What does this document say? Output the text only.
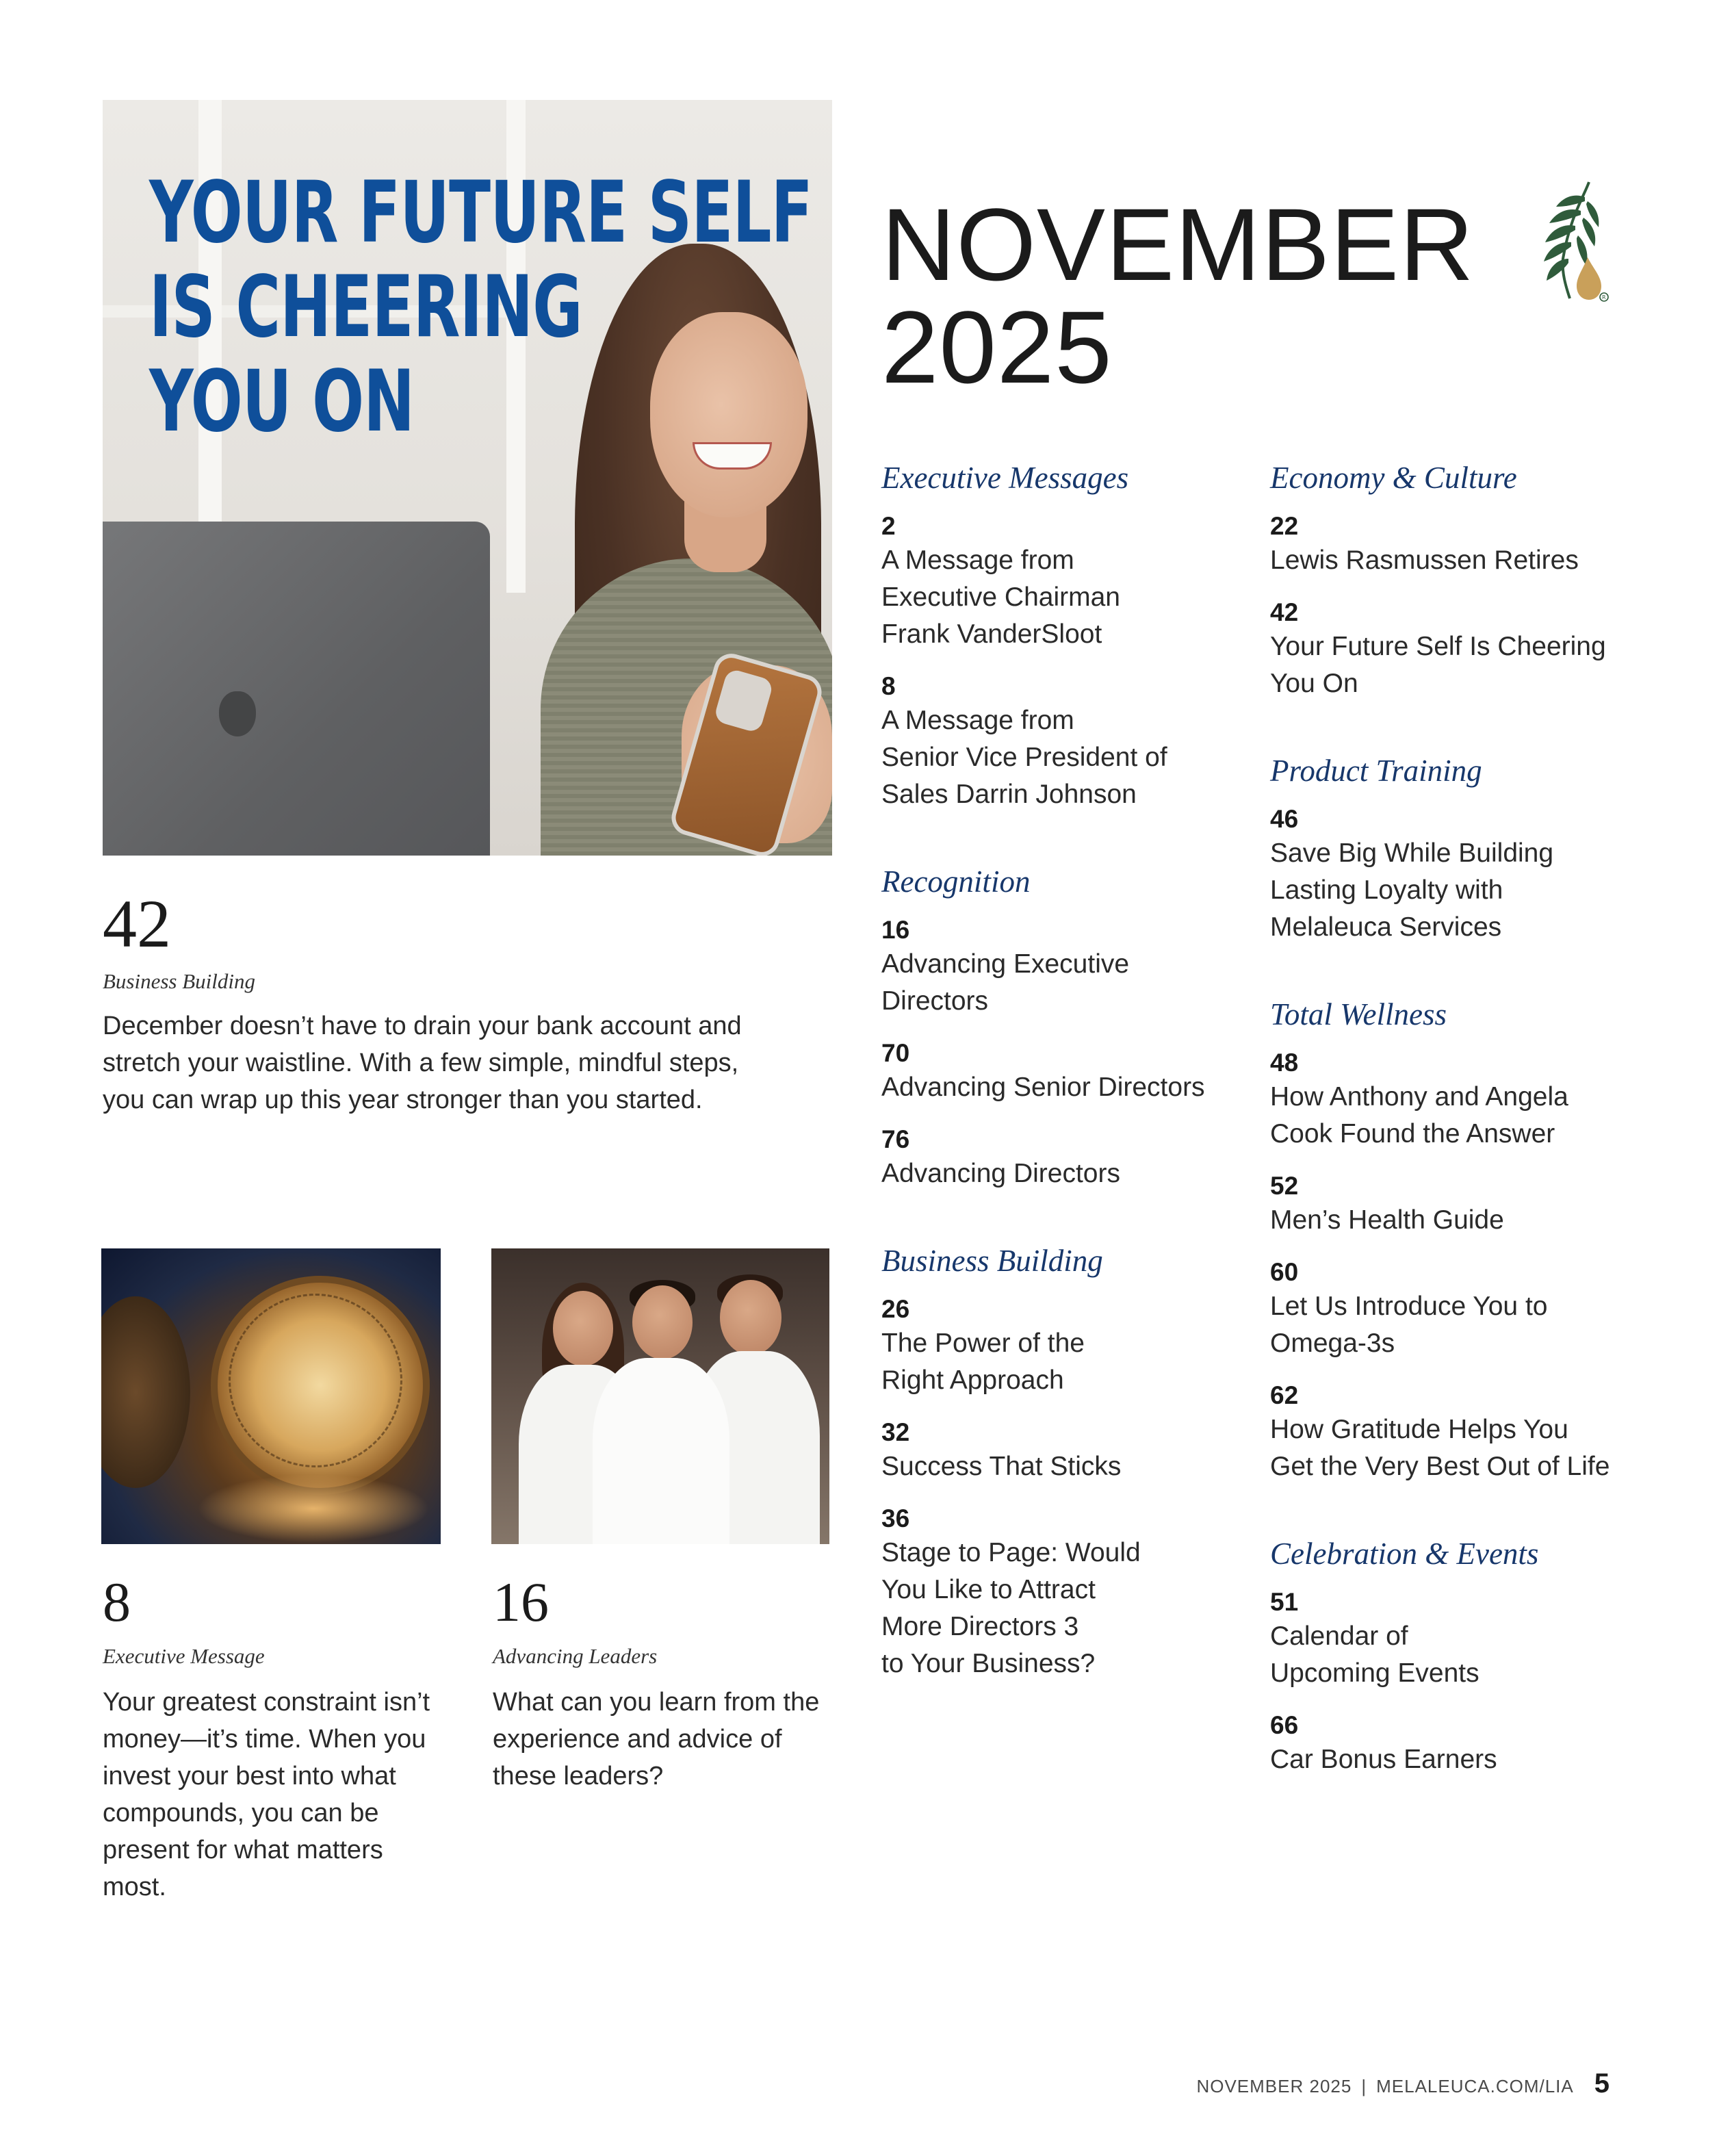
YOUR FUTURE SELF
IS CHEERING
YOU ON

42

Business Building

December doesn’t have to drain your bank account and stretch your waistline. With a few simple, mindful steps, you can wrap up this year stronger than you started.

8

Executive Message

Your greatest constraint isn’t money—it’s time. When you invest your best into what compounds, you can be present for what matters most.

16

Advancing Leaders

What can you learn from the experience and advice of these leaders?

NOVEMBER
2025	R

Executive Messages

2
A Message from
Executive Chairman
Frank VanderSloot
8
A Message from
Senior Vice President of
Sales Darrin Johnson

Recognition

16
Advancing Executive
Directors
70
Advancing Senior Directors
76
Advancing Directors

Business Building

26
The Power of the
Right Approach
32
Success That Sticks
36
Stage to Page: Would
You Like to Attract
More Directors 3
to Your Business?

Economy & Culture

22
Lewis Rasmussen Retires
42
Your Future Self Is Cheering
You On

Product Training

46
Save Big While Building
Lasting Loyalty with
Melaleuca Services

Total Wellness

48
How Anthony and Angela
Cook Found the Answer
52
Men’s Health Guide
60
Let Us Introduce You to
Omega-3s
62
How Gratitude Helps You
Get the Very Best Out of Life

Celebration & Events

51
Calendar of
Upcoming Events
66
Car Bonus Earners
NOVEMBER 2025 | MELALEUCA.COM/LIA 5
